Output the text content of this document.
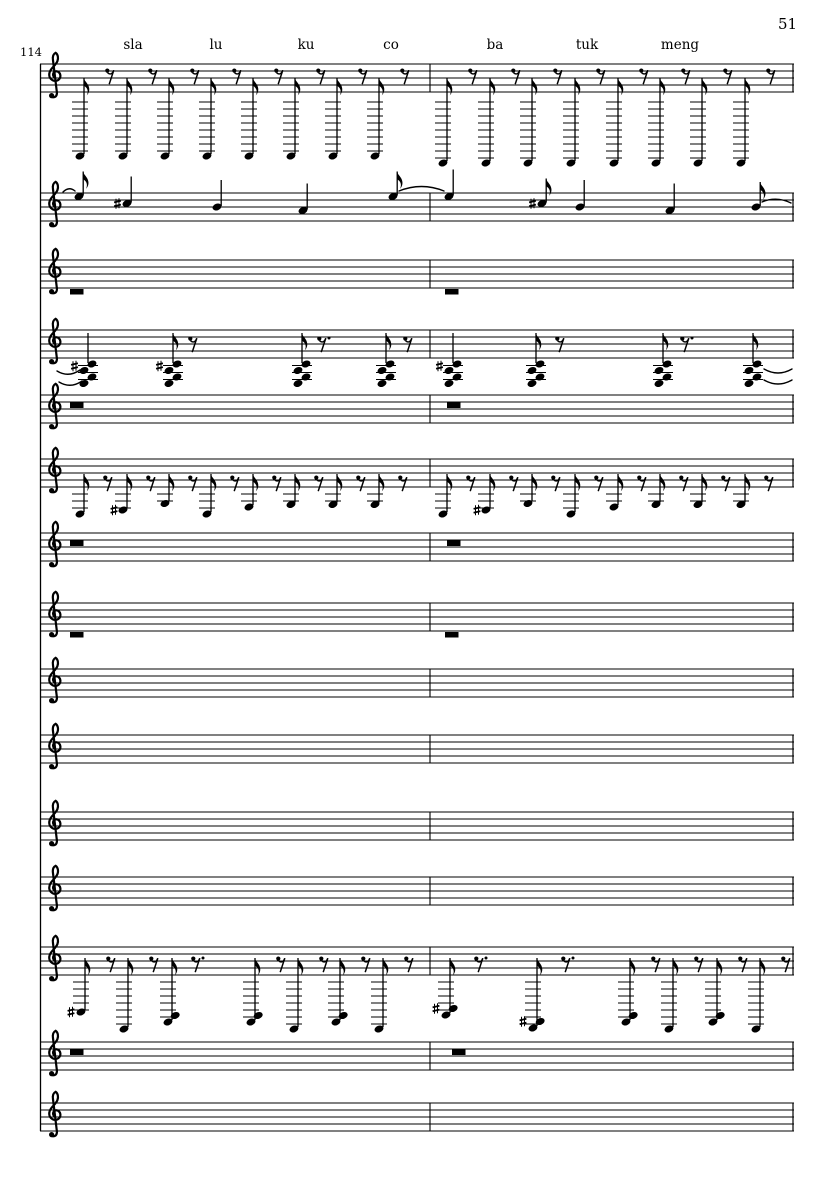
114
51
sla	lu	ku	co	ba	tuk	meng
